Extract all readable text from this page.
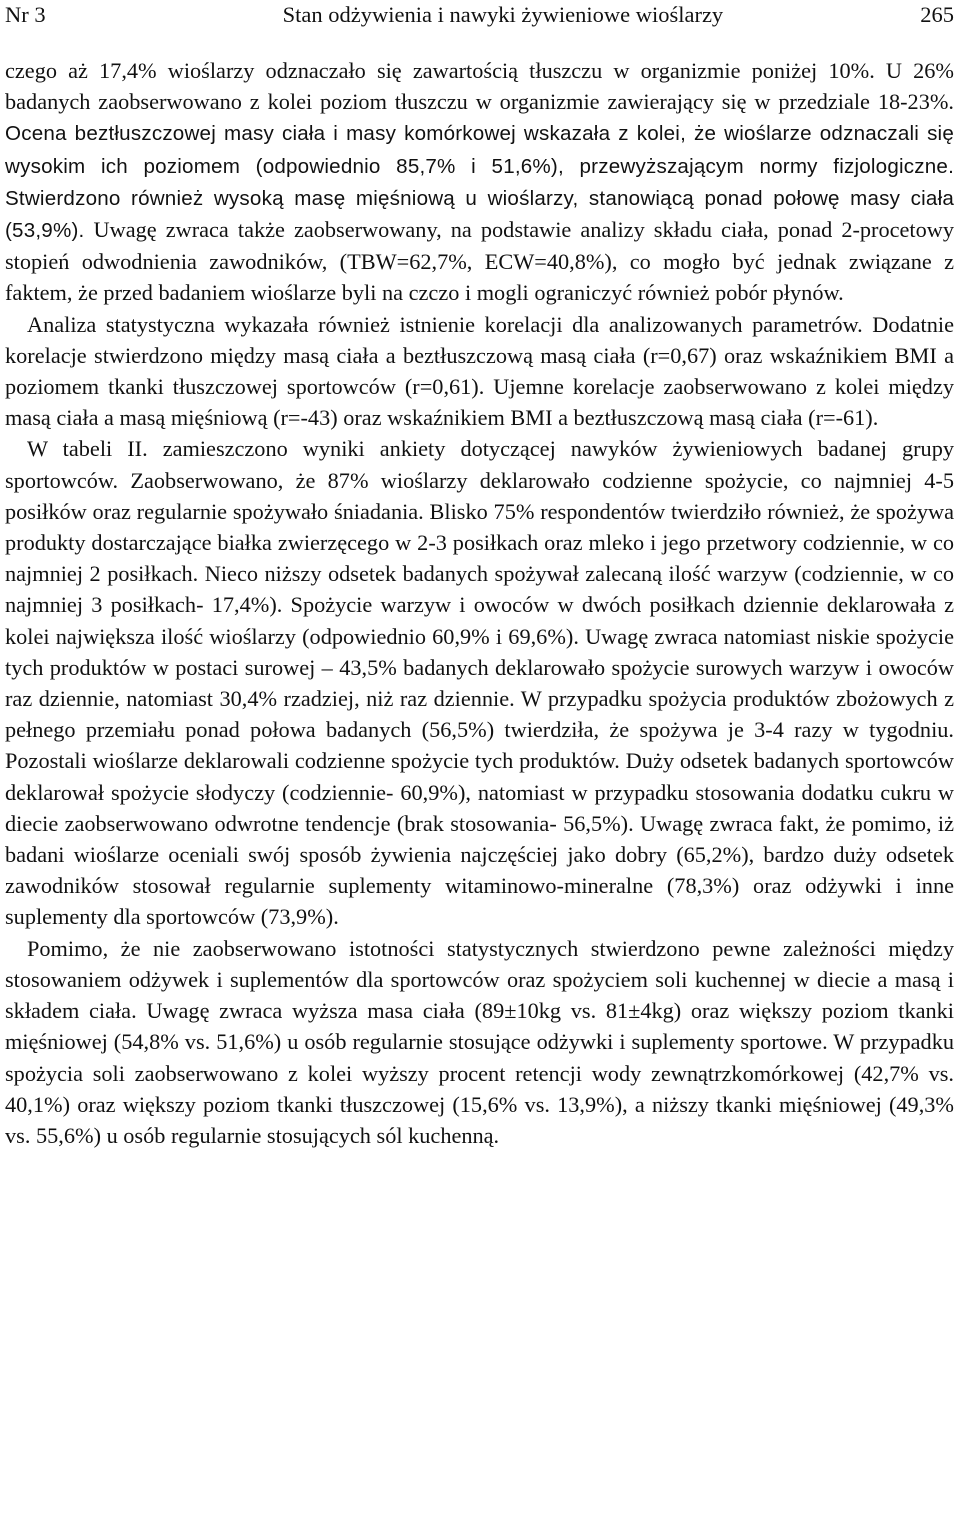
Nr 3	Stan odżywienia i nawyki żywieniowe wioślarzy	265

czego aż 17,4% wioślarzy odznaczało się zawartością tłuszczu w organizmie poniżej 10%. U 26% badanych zaobserwowano z kolei poziom tłuszczu w organizmie zawierający się w przedziale 18-23%. Ocena beztłuszczowej masy ciała i masy komórkowej wskazała z kolei, że wioślarze odznaczali się wysokim ich poziomem (odpowiednio 85,7% i 51,6%), przewyższającym normy fizjologiczne. Stwierdzono również wysoką masę mięśniową u wioślarzy, stanowiącą ponad połowę masy ciała (53,9%). Uwagę zwraca także zaobserwowany, na podstawie analizy składu ciała, ponad 2-procetowy stopień odwodnienia zawodników, (TBW=62,7%, ECW=40,8%), co mogło być jednak związane z faktem, że przed badaniem wioślarze byli na czczo i mogli ograniczyć również pobór płynów.

Analiza statystyczna wykazała również istnienie korelacji dla analizowanych parametrów. Dodatnie korelacje stwierdzono między masą ciała a beztłuszczową masą ciała (r=0,67) oraz wskaźnikiem BMI a poziomem tkanki tłuszczowej sportowców (r=0,61). Ujemne korelacje zaobserwowano z kolei między masą ciała a masą mięśniową (r=-43) oraz wskaźnikiem BMI a beztłuszczową masą ciała (r=-61).

W tabeli II. zamieszczono wyniki ankiety dotyczącej nawyków żywieniowych badanej grupy sportowców. Zaobserwowano, że 87% wioślarzy deklarowało codzienne spożycie, co najmniej 4-5 posiłków oraz regularnie spożywało śniadania. Blisko 75% respondentów twierdziło również, że spożywa produkty dostarczające białka zwierzęcego w 2-3 posiłkach oraz mleko i jego przetwory codziennie, w co najmniej 2 posiłkach. Nieco niższy odsetek badanych spożywał zalecaną ilość warzyw (codziennie, w co najmniej 3 posiłkach- 17,4%). Spożycie warzyw i owoców w dwóch posiłkach dziennie deklarowała z kolei największa ilość wioślarzy (odpowiednio 60,9% i 69,6%). Uwagę zwraca natomiast niskie spożycie tych produktów w postaci surowej – 43,5% badanych deklarowało spożycie surowych warzyw i owoców raz dziennie, natomiast 30,4% rzadziej, niż raz dziennie. W przypadku spożycia produktów zbożowych z pełnego przemiału ponad połowa badanych (56,5%) twierdziła, że spożywa je 3-4 razy w tygodniu. Pozostali wioślarze deklarowali codzienne spożycie tych produktów. Duży odsetek badanych sportowców deklarował spożycie słodyczy (codziennie- 60,9%), natomiast w przypadku stosowania dodatku cukru w diecie zaobserwowano odwrotne tendencje (brak stosowania- 56,5%). Uwagę zwraca fakt, że pomimo, iż badani wioślarze oceniali swój sposób żywienia najczęściej jako dobry (65,2%), bardzo duży odsetek zawodników stosował regularnie suplementy witaminowo-mineralne (78,3%) oraz odżywki i inne suplementy dla sportowców (73,9%).

Pomimo, że nie zaobserwowano istotności statystycznych stwierdzono pewne zależności między stosowaniem odżywek i suplementów dla sportowców oraz spożyciem soli kuchennej w diecie a masą i składem ciała. Uwagę zwraca wyższa masa ciała (89±10kg vs. 81±4kg) oraz większy poziom tkanki mięśniowej (54,8% vs. 51,6%) u osób regularnie stosujące odżywki i suplementy sportowe. W przypadku spożycia soli zaobserwowano z kolei wyższy procent retencji wody zewnątrzkomórkowej (42,7% vs. 40,1%) oraz większy poziom tkanki tłuszczowej (15,6% vs. 13,9%), a niższy tkanki mięśniowej (49,3% vs. 55,6%) u osób regularnie stosujących sól kuchenną.
